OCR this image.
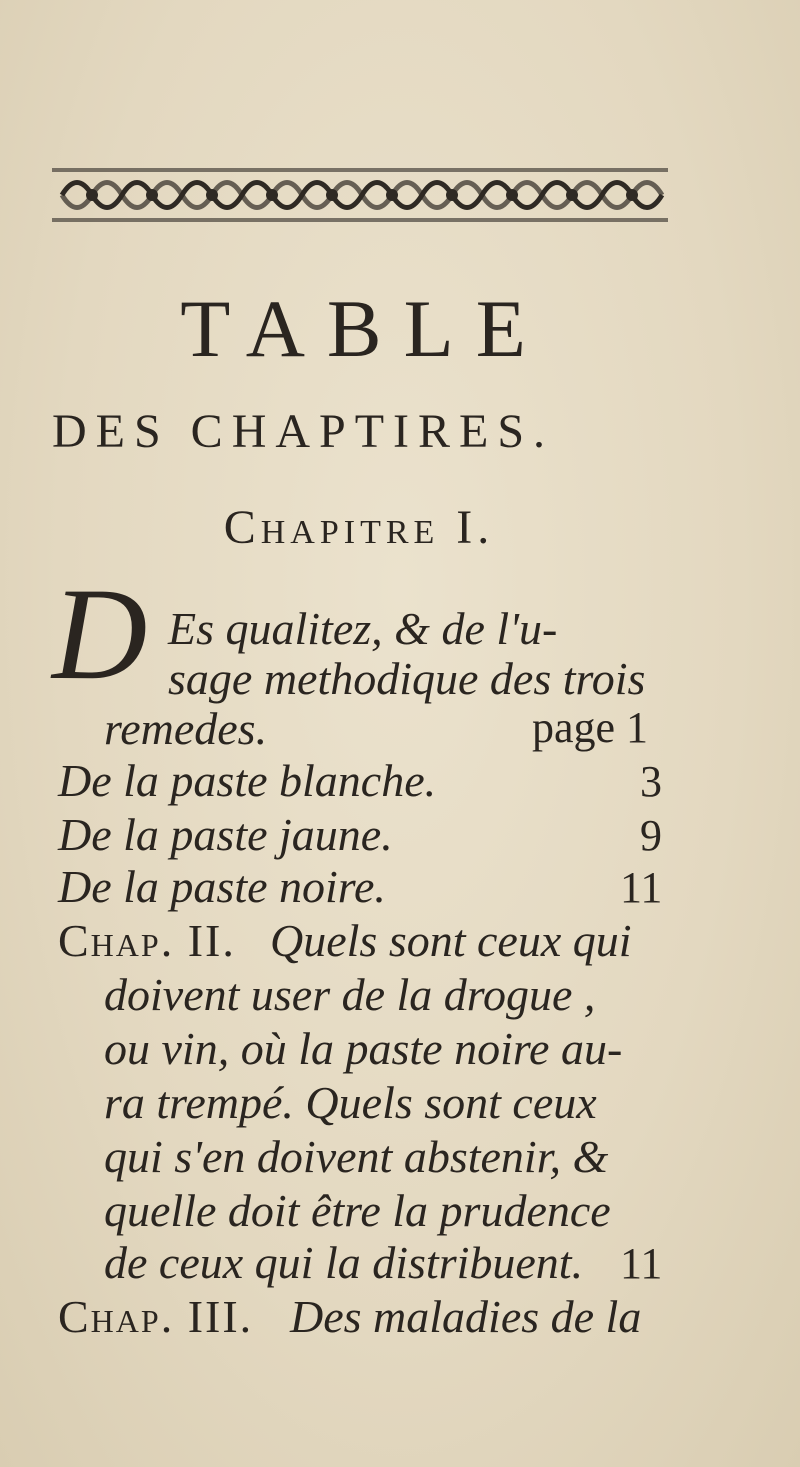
TABLE
DES CHAPTIRES.
Chapitre I.
D Es qualitez, & de l'u-
sage methodique des trois
remedes.	page 1
De la paste blanche.	3
De la paste jaune.	9
De la paste noire.	11
Chap. II. Quels sont ceux qui
doivent user de la drogue ,
ou vin, où la paste noire au-
ra trempé. Quels sont ceux
qui s'en doivent abstenir, &
quelle doit être la prudence
de ceux qui la distribuent. 11
Chap. III. Des maladies de la
